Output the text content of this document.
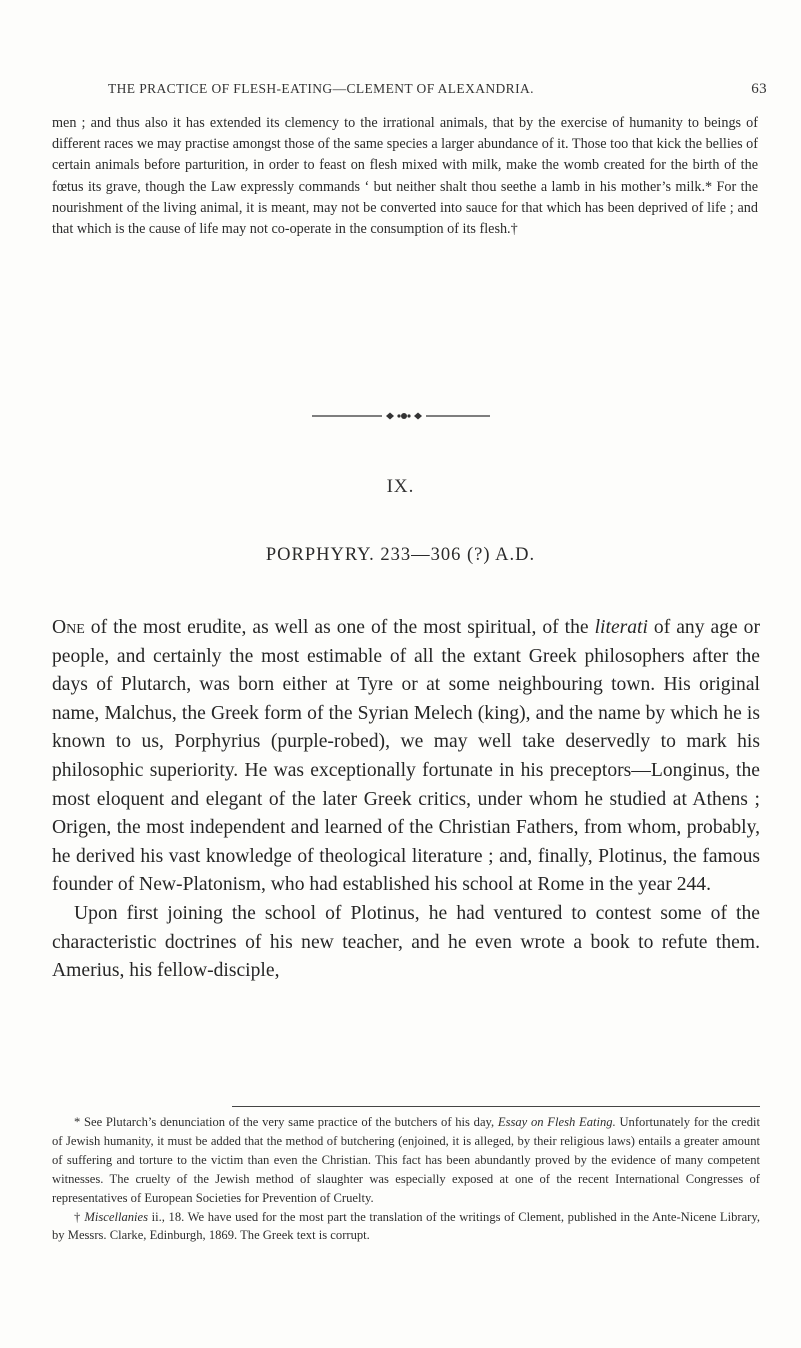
THE PRACTICE OF FLESH-EATING—CLEMENT OF ALEXANDRIA.	63
men ; and thus also it has extended its clemency to the irrational animals, that by the exercise of humanity to beings of different races we may practise amongst those of the same species a larger abundance of it. Those too that kick the bellies of certain animals before parturition, in order to feast on flesh mixed with milk, make the womb created for the birth of the fœtus its grave, though the Law expressly commands ‘ but neither shalt thou seethe a lamb in his mother’s milk.* For the nourishment of the living animal, it is meant, may not be converted into sauce for that which has been deprived of life ; and that which is the cause of life may not co-operate in the consumption of its flesh.†
IX.
PORPHYRY. 233—306 (?) A.D.

One of the most erudite, as well as one of the most spiritual, of the literati of any age or people, and certainly the most estimable of all the extant Greek philosophers after the days of Plutarch, was born either at Tyre or at some neighbouring town. His original name, Malchus, the Greek form of the Syrian Melech (king), and the name by which he is known to us, Porphyrius (purple-robed), we may well take deservedly to mark his philosophic superiority. He was exceptionally fortunate in his preceptors—Longinus, the most eloquent and elegant of the later Greek critics, under whom he studied at Athens ; Origen, the most independent and learned of the Christian Fathers, from whom, probably, he derived his vast knowledge of theological literature ; and, finally, Plotinus, the famous founder of New-Platonism, who had established his school at Rome in the year 244.

Upon first joining the school of Plotinus, he had ventured to contest some of the characteristic doctrines of his new teacher, and he even wrote a book to refute them. Amerius, his fellow-disciple,

* See Plutarch’s denunciation of the very same practice of the butchers of his day, Essay on Flesh Eating. Unfortunately for the credit of Jewish humanity, it must be added that the method of butchering (enjoined, it is alleged, by their religious laws) entails a greater amount of suffering and torture to the victim than even the Christian. This fact has been abundantly proved by the evidence of many competent witnesses. The cruelty of the Jewish method of slaughter was especially exposed at one of the recent International Congresses of representatives of European Societies for Prevention of Cruelty.

† Miscellanies ii., 18. We have used for the most part the translation of the writings of Clement, published in the Ante-Nicene Library, by Messrs. Clarke, Edinburgh, 1869. The Greek text is corrupt.
